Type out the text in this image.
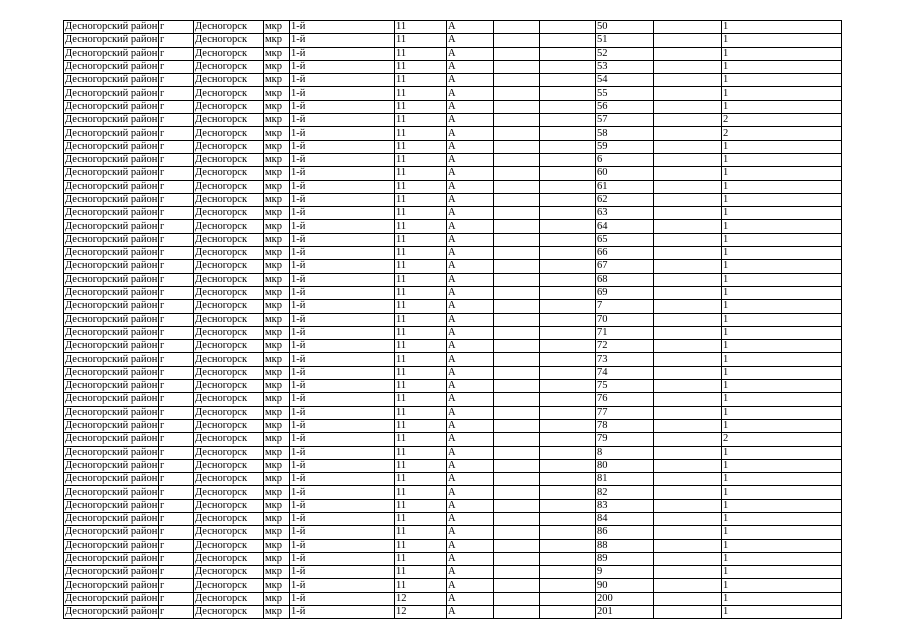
Десногорский район	г	Десногорск	мкр	1-й	11	А			50		1
Десногорский район	г	Десногорск	мкр	1-й	11	А			51		1
Десногорский район	г	Десногорск	мкр	1-й	11	А			52		1
Десногорский район	г	Десногорск	мкр	1-й	11	А			53		1
Десногорский район	г	Десногорск	мкр	1-й	11	А			54		1
Десногорский район	г	Десногорск	мкр	1-й	11	А			55		1
Десногорский район	г	Десногорск	мкр	1-й	11	А			56		1
Десногорский район	г	Десногорск	мкр	1-й	11	А			57		2
Десногорский район	г	Десногорск	мкр	1-й	11	А			58		2
Десногорский район	г	Десногорск	мкр	1-й	11	А			59		1
Десногорский район	г	Десногорск	мкр	1-й	11	А			6		1
Десногорский район	г	Десногорск	мкр	1-й	11	А			60		1
Десногорский район	г	Десногорск	мкр	1-й	11	А			61		1
Десногорский район	г	Десногорск	мкр	1-й	11	А			62		1
Десногорский район	г	Десногорск	мкр	1-й	11	А			63		1
Десногорский район	г	Десногорск	мкр	1-й	11	А			64		1
Десногорский район	г	Десногорск	мкр	1-й	11	А			65		1
Десногорский район	г	Десногорск	мкр	1-й	11	А			66		1
Десногорский район	г	Десногорск	мкр	1-й	11	А			67		1
Десногорский район	г	Десногорск	мкр	1-й	11	А			68		1
Десногорский район	г	Десногорск	мкр	1-й	11	А			69		1
Десногорский район	г	Десногорск	мкр	1-й	11	А			7		1
Десногорский район	г	Десногорск	мкр	1-й	11	А			70		1
Десногорский район	г	Десногорск	мкр	1-й	11	А			71		1
Десногорский район	г	Десногорск	мкр	1-й	11	А			72		1
Десногорский район	г	Десногорск	мкр	1-й	11	А			73		1
Десногорский район	г	Десногорск	мкр	1-й	11	А			74		1
Десногорский район	г	Десногорск	мкр	1-й	11	А			75		1
Десногорский район	г	Десногорск	мкр	1-й	11	А			76		1
Десногорский район	г	Десногорск	мкр	1-й	11	А			77		1
Десногорский район	г	Десногорск	мкр	1-й	11	А			78		1
Десногорский район	г	Десногорск	мкр	1-й	11	А			79		2
Десногорский район	г	Десногорск	мкр	1-й	11	А			8		1
Десногорский район	г	Десногорск	мкр	1-й	11	А			80		1
Десногорский район	г	Десногорск	мкр	1-й	11	А			81		1
Десногорский район	г	Десногорск	мкр	1-й	11	А			82		1
Десногорский район	г	Десногорск	мкр	1-й	11	А			83		1
Десногорский район	г	Десногорск	мкр	1-й	11	А			84		1
Десногорский район	г	Десногорск	мкр	1-й	11	А			86		1
Десногорский район	г	Десногорск	мкр	1-й	11	А			88		1
Десногорский район	г	Десногорск	мкр	1-й	11	А			89		1
Десногорский район	г	Десногорск	мкр	1-й	11	А			9		1
Десногорский район	г	Десногорск	мкр	1-й	11	А			90		1
Десногорский район	г	Десногорск	мкр	1-й	12	А			200		1
Десногорский район	г	Десногорск	мкр	1-й	12	А			201		1
